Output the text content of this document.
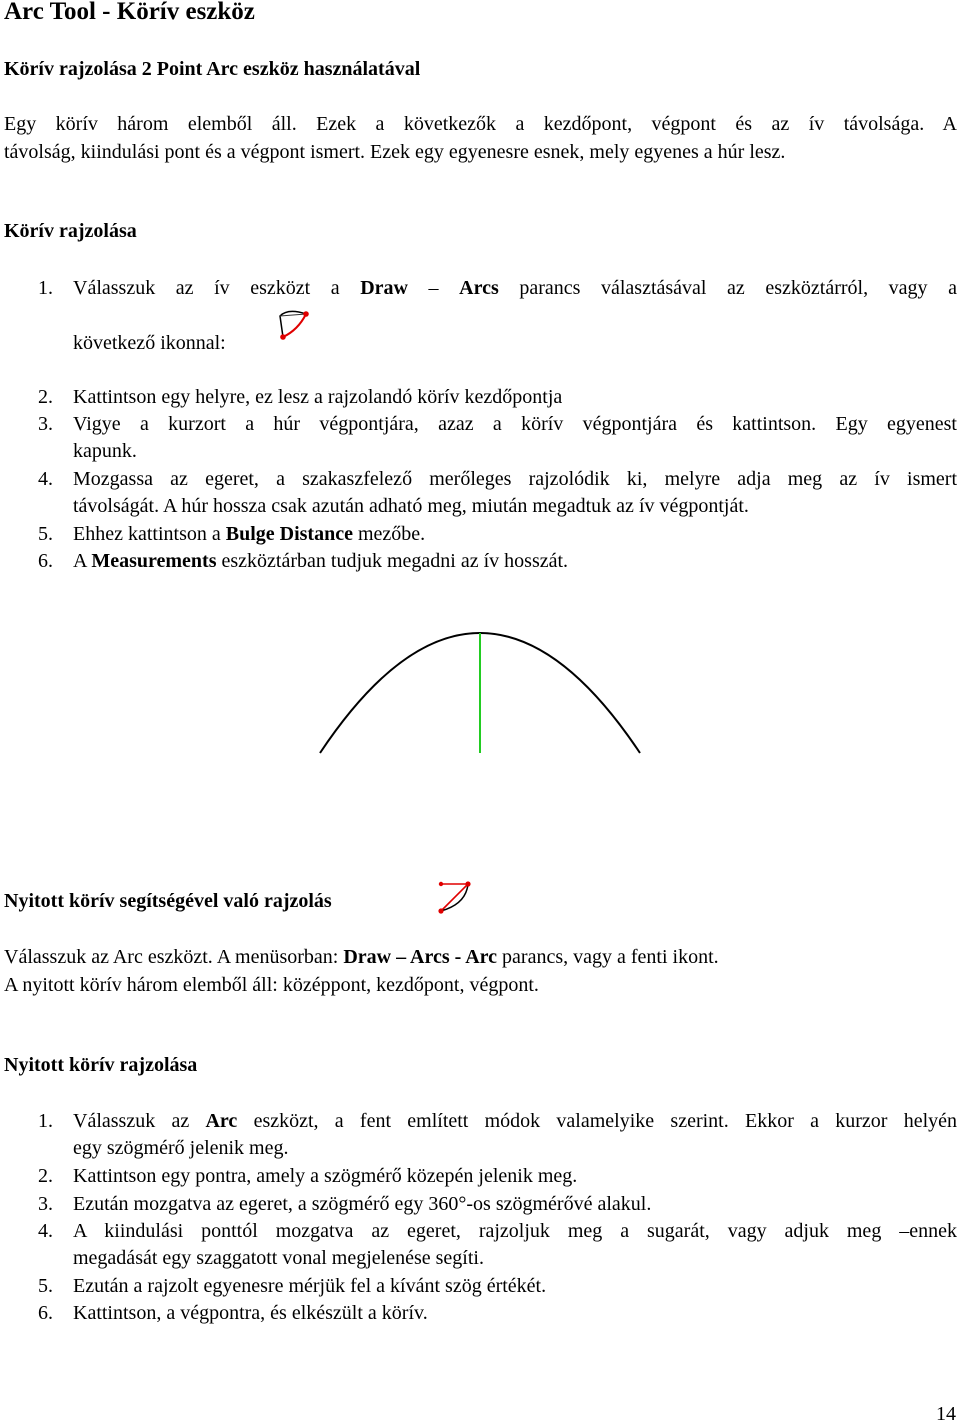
Arc Tool - Körív eszköz
Körív rajzolása 2 Point Arc eszköz használatával

Egy körív három elemből áll. Ezek a következők a kezdőpont, végpont és az ív távolsága. A

távolság, kiindulási pont és a végpont ismert. Ezek egy egyenesre esnek, mely egyenes a húr lesz.

Körív rajzolása
1. Válasszuk az ív eszközt a Draw – Arcs parancs választásával az eszköztárról, vagy a
következő ikonnal:
2. Kattintson egy helyre, ez lesz a rajzolandó körív kezdőpontja
3. Vigye a kurzort a húr végpontjára, azaz a körív végpontjára és kattintson. Egy egyenest
kapunk.
4. Mozgassa az egeret, a szakaszfelező merőleges rajzolódik ki, melyre adja meg az ív ismert
távolságát. A húr hossza csak azután adható meg, miután megadtuk az ív végpontját.
5. Ehhez kattintson a Bulge Distance mezőbe.
6. A Measurements eszköztárban tudjuk megadni az ív hosszát.
Nyitott körív segítségével való rajzolás

Válasszuk az Arc eszközt. A menüsorban: Draw – Arcs - Arc parancs, vagy a fenti ikont.

A nyitott körív három elemből áll: középpont, kezdőpont, végpont.

Nyitott körív rajzolása
1. Válasszuk az Arc eszközt, a fent említett módok valamelyike szerint. Ekkor a kurzor helyén
egy szögmérő jelenik meg.
2. Kattintson egy pontra, amely a szögmérő közepén jelenik meg.
3. Ezután mozgatva az egeret, a szögmérő egy 360°-os szögmérővé alakul.
4. A kiindulási ponttól mozgatva az egeret, rajzoljuk meg a sugarát, vagy adjuk meg –ennek
megadását egy szaggatott vonal megjelenése segíti.
5. Ezután a rajzolt egyenesre mérjük fel a kívánt szög értékét.
6. Kattintson, a végpontra, és elkészült a körív.
14
